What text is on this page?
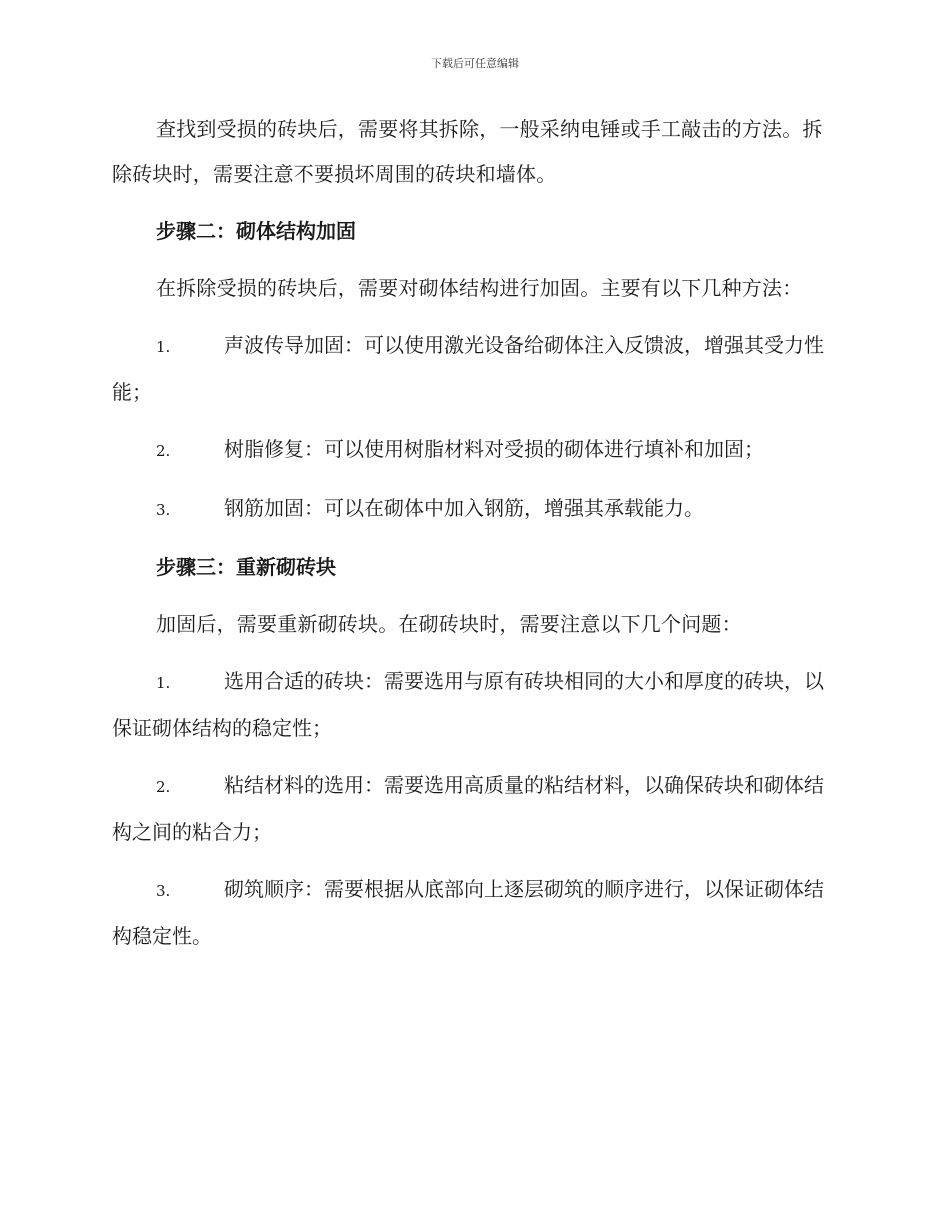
下载后可任意编辑

查找到受损的砖块后，需要将其拆除，一般采纳电锤或手工敲击的方法。拆除砖块时，需要注意不要损坏周围的砖块和墙体。

步骤二：砌体结构加固

在拆除受损的砖块后，需要对砌体结构进行加固。主要有以下几种方法：

1.	声波传导加固：可以使用激光设备给砌体注入反馈波，增强其受力性能；

2.	树脂修复：可以使用树脂材料对受损的砌体进行填补和加固；

3.	钢筋加固：可以在砌体中加入钢筋，增强其承载能力。

步骤三：重新砌砖块

加固后，需要重新砌砖块。在砌砖块时，需要注意以下几个问题：

1.	选用合适的砖块：需要选用与原有砖块相同的大小和厚度的砖块，以保证砌体结构的稳定性；

2.	粘结材料的选用：需要选用高质量的粘结材料，以确保砖块和砌体结构之间的粘合力；

3.	砌筑顺序：需要根据从底部向上逐层砌筑的顺序进行，以保证砌体结构稳定性。
